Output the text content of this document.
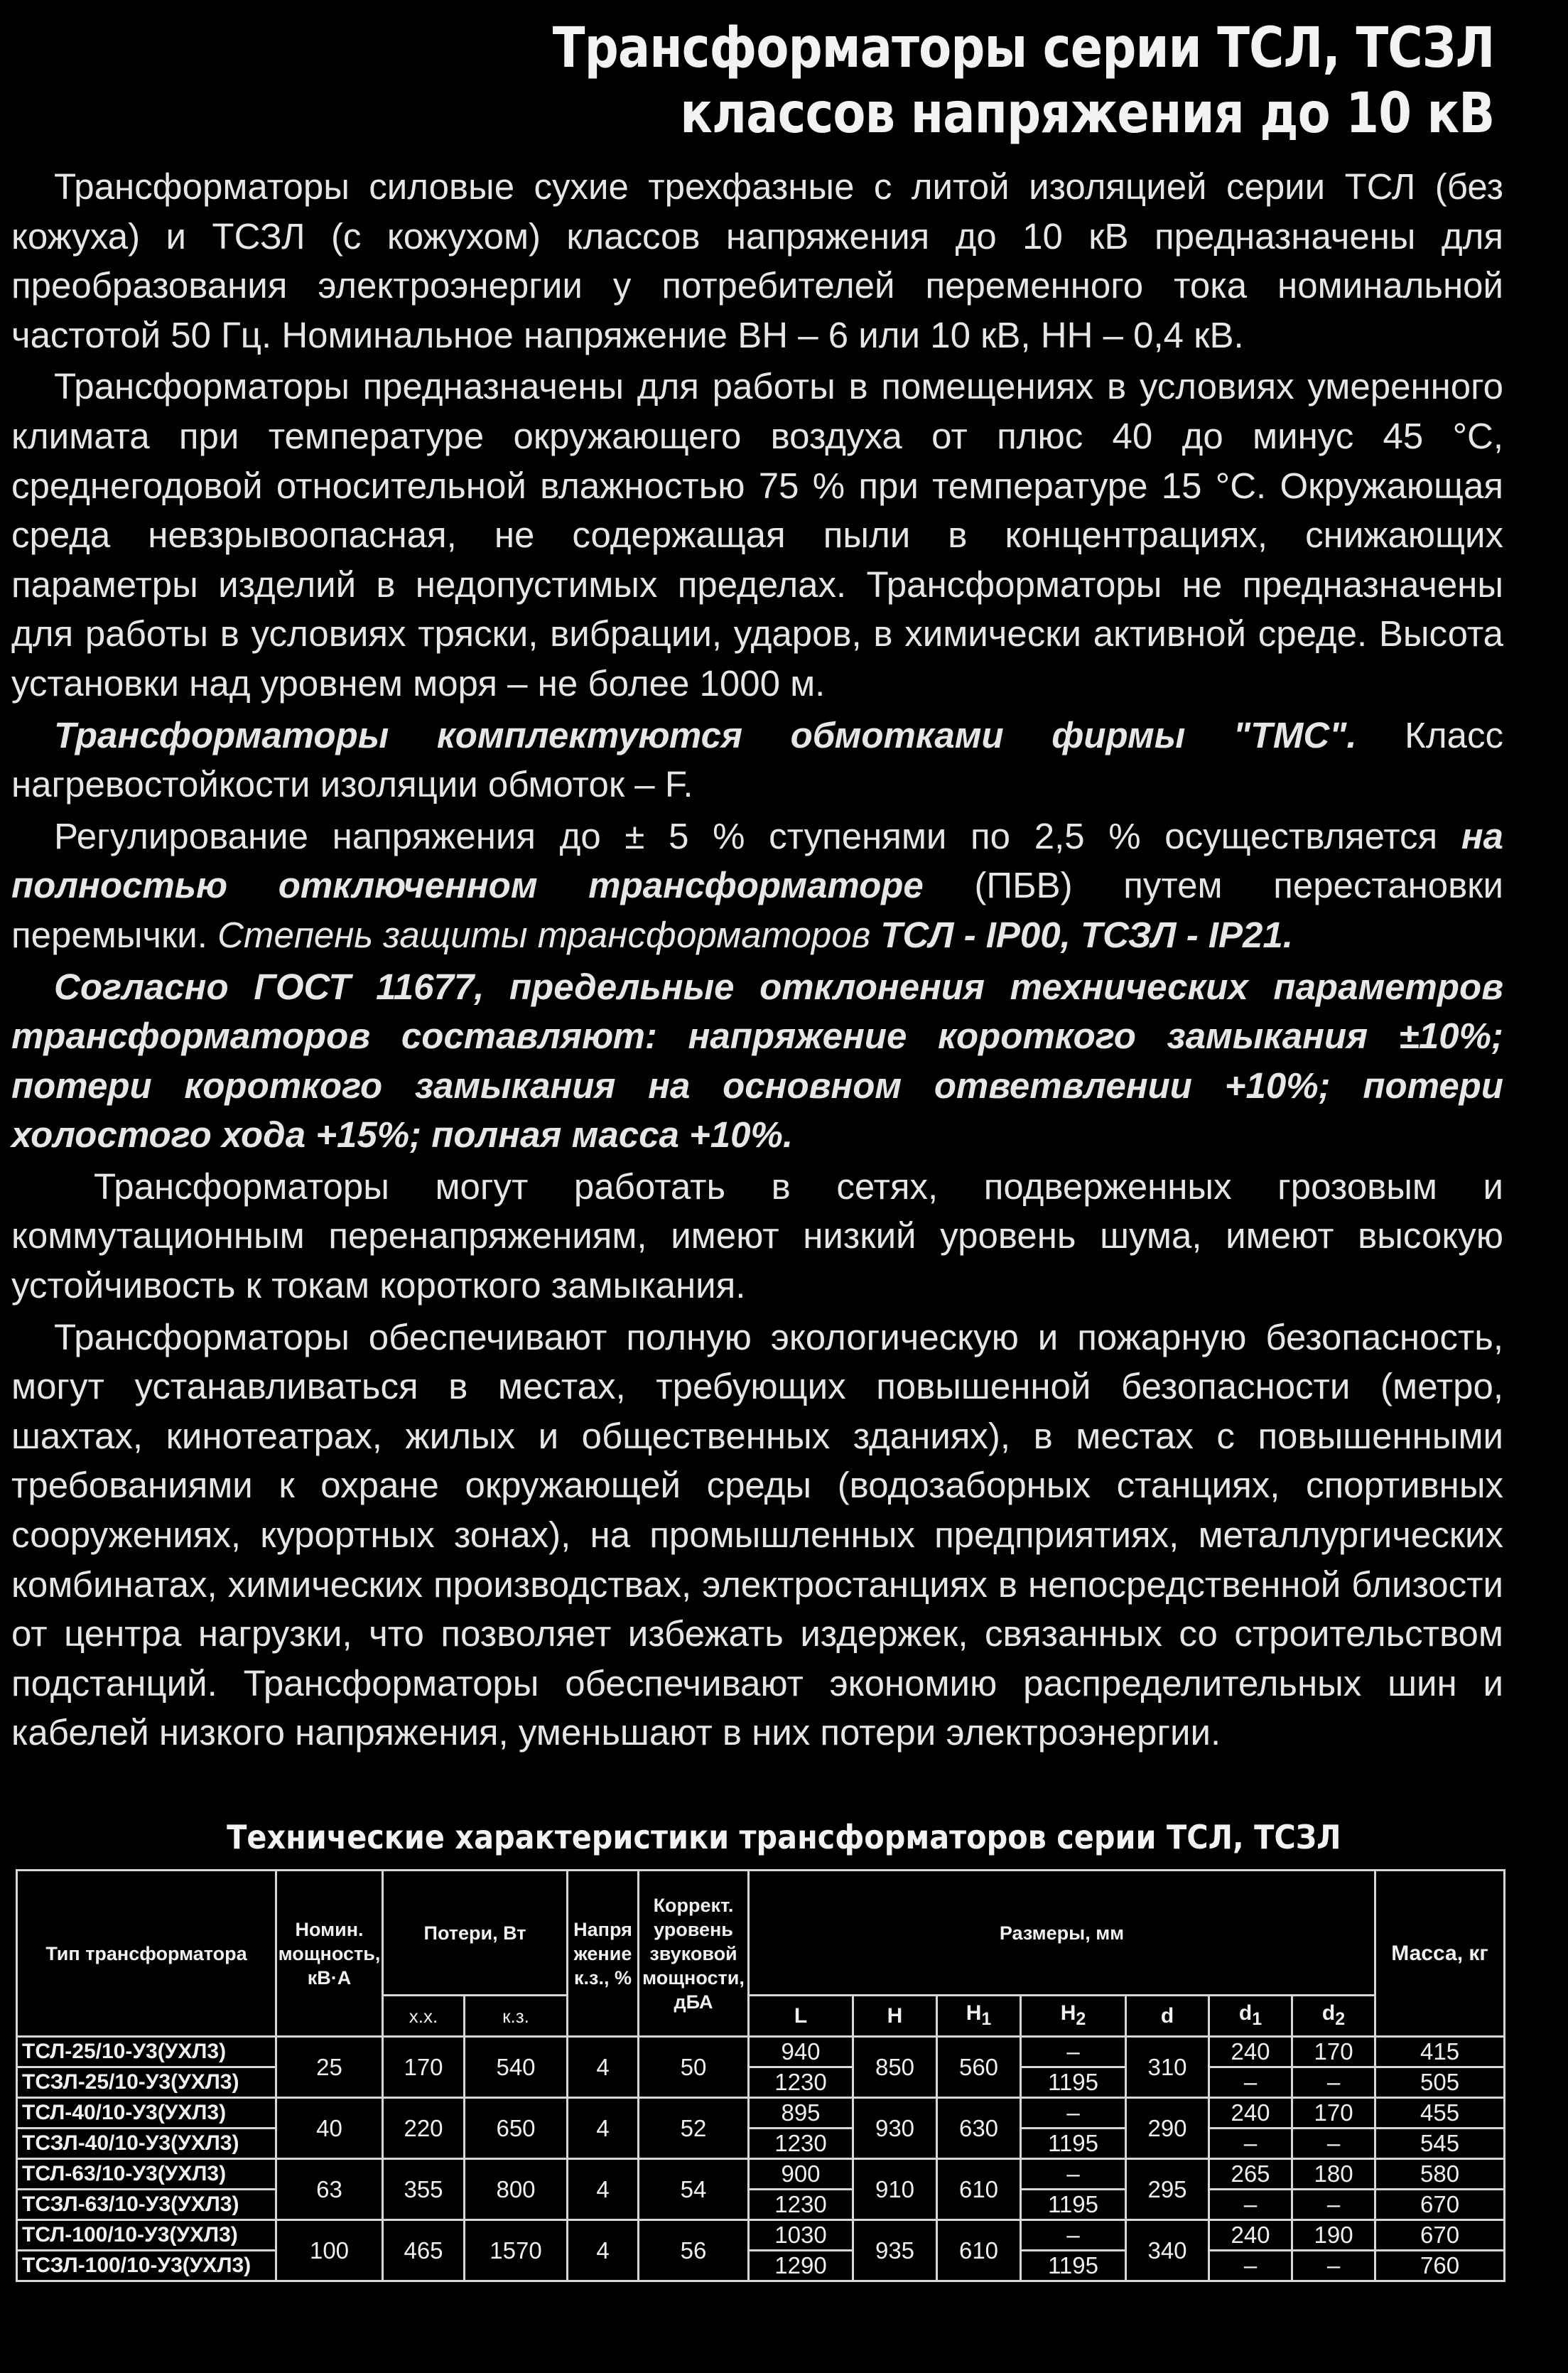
Трансформаторы серии ТСЛ, ТСЗЛ
классов напряжения до 10 кВ

Трансформаторы силовые сухие трехфазные с литой изоляцией серии ТСЛ (без кожуха) и ТСЗЛ (с кожухом) классов напряжения до 10 кВ предназначены для преобразования электроэнергии у потребителей переменного тока номинальной частотой 50 Гц. Номинальное напряжение ВН – 6 или 10 кВ, НН – 0,4 кВ.

Трансформаторы предназначены для работы в помещениях в условиях умеренного климата при температуре окружающего воздуха от плюс 40 до минус 45 °С, среднегодовой относительной влажностью 75 % при температуре 15 °С. Окружающая среда невзрывоопасная, не содержащая пыли в концентрациях, снижающих параметры изделий в недопустимых пределах. Трансформаторы не предназначены для работы в условиях тряски, вибрации, ударов, в химически активной среде. Высота установки над уровнем моря – не более 1000 м.

Трансформаторы комплектуются обмотками фирмы "ТМС". Класс нагревостойкости изоляции обмоток – F.

Регулирование напряжения до ± 5 % ступенями по 2,5 % осуществляется на полностью отключенном трансформаторе (ПБВ) путем перестановки перемычки. Степень защиты трансформаторов ТСЛ - IP00, ТСЗЛ - IP21.

Согласно ГОСТ 11677, предельные отклонения технических параметров трансформаторов составляют: напряжение короткого замыкания ±10%; потери короткого замыкания на основном ответвлении +10%; потери холостого хода +15%; полная масса +10%.

Трансформаторы могут работать в сетях, подверженных грозовым и коммутационным перенапряжениям, имеют низкий уровень шума, имеют высокую устойчивость к токам короткого замыкания.

Трансформаторы обеспечивают полную экологическую и пожарную безопасность, могут устанавливаться в местах, требующих повышенной безопасности (метро, шахтах, кинотеатрах, жилых и общественных зданиях), в местах с повышенными требованиями к охране окружающей среды (водозаборных станциях, спортивных сооружениях, курортных зонах), на промышленных предприятиях, металлургических комбинатах, химических производствах, электростанциях в непосредственной близости от центра нагрузки, что позволяет избежать издержек, связанных со строительством подстанций. Трансформаторы обеспечивают экономию распределительных шин и кабелей низкого напряжения, уменьшают в них потери электроэнергии.

Технические характеристики трансформаторов серии ТСЛ, ТСЗЛ
Тип трансформатора	Номин. мощность, кВ·А	Потери, Вт		Напря жение к.з., %	Коррект. уровень звуковой мощности, дБА	Размеры, мм							Масса, кг
		х.х.	к.з.			L	H	$H_1$	$H_2$	d	$d_1$	$d_2$
ТСЛ-25/10-У3(УХЛ3)	25	170	540	4	50	940	850	560	–	310	240	170	415
ТСЗЛ-25/10-У3(УХЛ3)						1230			1195		–	–	505
ТСЛ-40/10-У3(УХЛ3)	40	220	650	4	52	895	930	630	–	290	240	170	455
ТСЗЛ-40/10-У3(УХЛ3)						1230			1195		–	–	545
ТСЛ-63/10-У3(УХЛ3)	63	355	800	4	54	900	910	610	–	295	265	180	580
ТСЗЛ-63/10-У3(УХЛ3)						1230			1195		–	–	670
ТСЛ-100/10-У3(УХЛ3)	100	465	1570	4	56	1030	935	610	–	340	240	190	670
ТСЗЛ-100/10-У3(УХЛ3)						1290			1195		–	–	760
